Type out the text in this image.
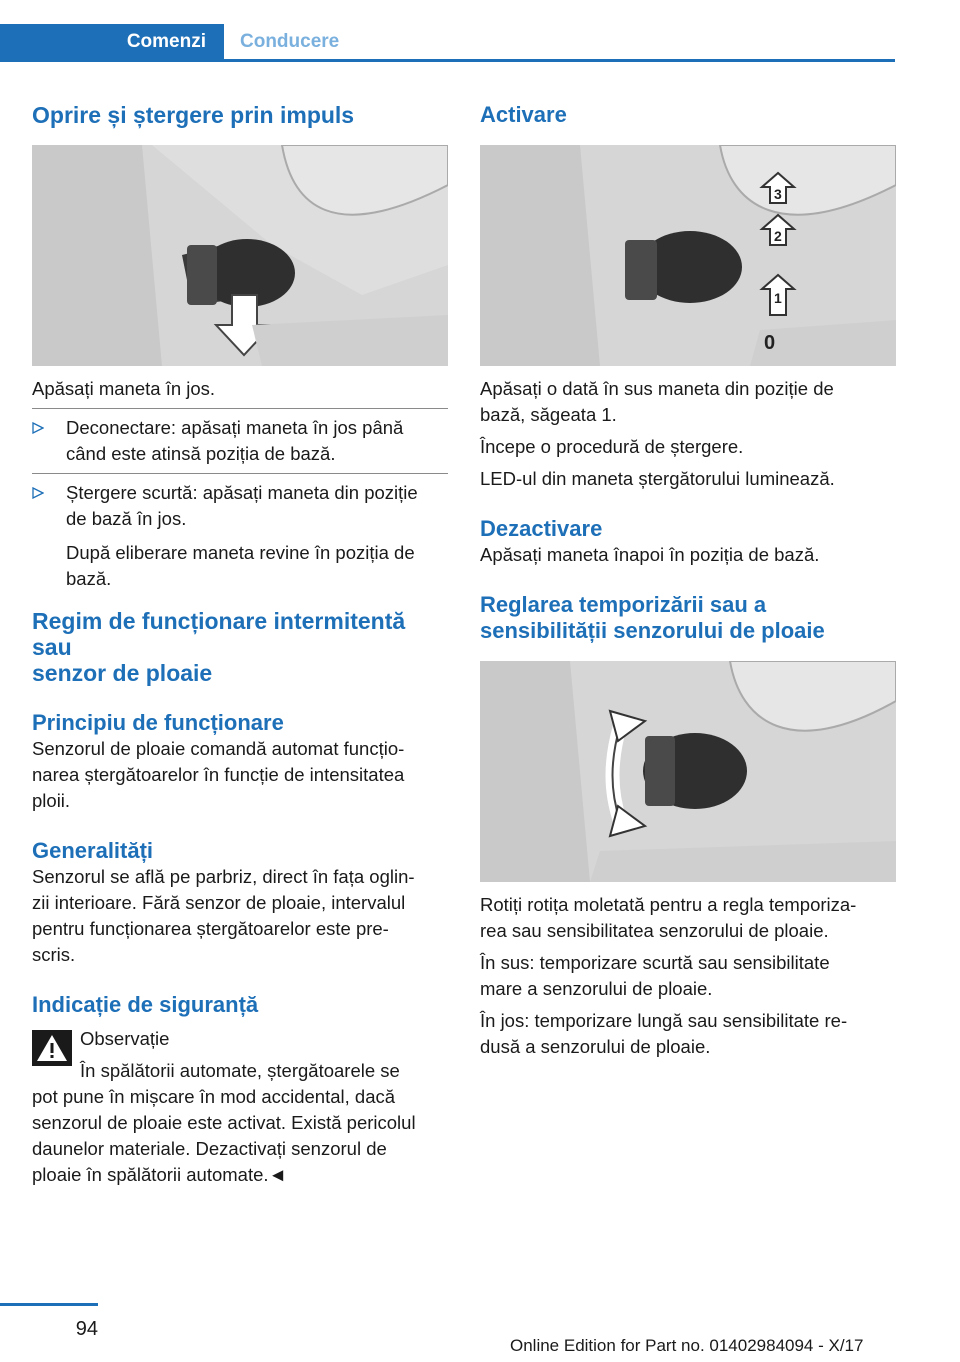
Comenzi	Conducere
Oprire și ștergere prin impuls

Apăsați maneta în jos.

Deconectare: apăsați maneta în jos până
când este atinsă poziția de bază.
Ștergere scurtă: apăsați maneta din poziție
de bază în jos.
După eliberare maneta revine în poziția de
bază.
Regim de funcționare intermitentă sau
senzor de ploaie
Principiu de funcționare

Senzorul de ploaie comandă automat funcțio-
narea ștergătoarelor în funcție de intensitatea
ploii.

Generalități

Senzorul se află pe parbriz, direct în fața oglin-
zii interioare. Fără senzor de ploaie, intervalul
pentru funcționarea ștergătoarelor este pre-
scris.

Indicație de siguranță

Observație

În spălătorii automate, ștergătoarele se

pot pune în mișcare în mod accidental, dacă

senzorul de ploaie este activat. Există pericolul

daunelor materiale. Dezactivați senzorul de

ploaie în spălătorii automate.◄

Activare
3
2
1
0

Apăsați o dată în sus maneta din poziție de
bază, săgeata 1.

Începe o procedură de ștergere.

LED-ul din maneta ștergătorului luminează.

Dezactivare

Apăsați maneta înapoi în poziția de bază.

Reglarea temporizării sau a
sensibilității senzorului de ploaie

Rotiți rotița moletată pentru a regla temporiza-
rea sau sensibilitatea senzorului de ploaie.

În sus: temporizare scurtă sau sensibilitate
mare a senzorului de ploaie.

În jos: temporizare lungă sau sensibilitate re-
dusă a senzorului de ploaie.

94
Online Edition for Part no. 01402984094 - X/17
